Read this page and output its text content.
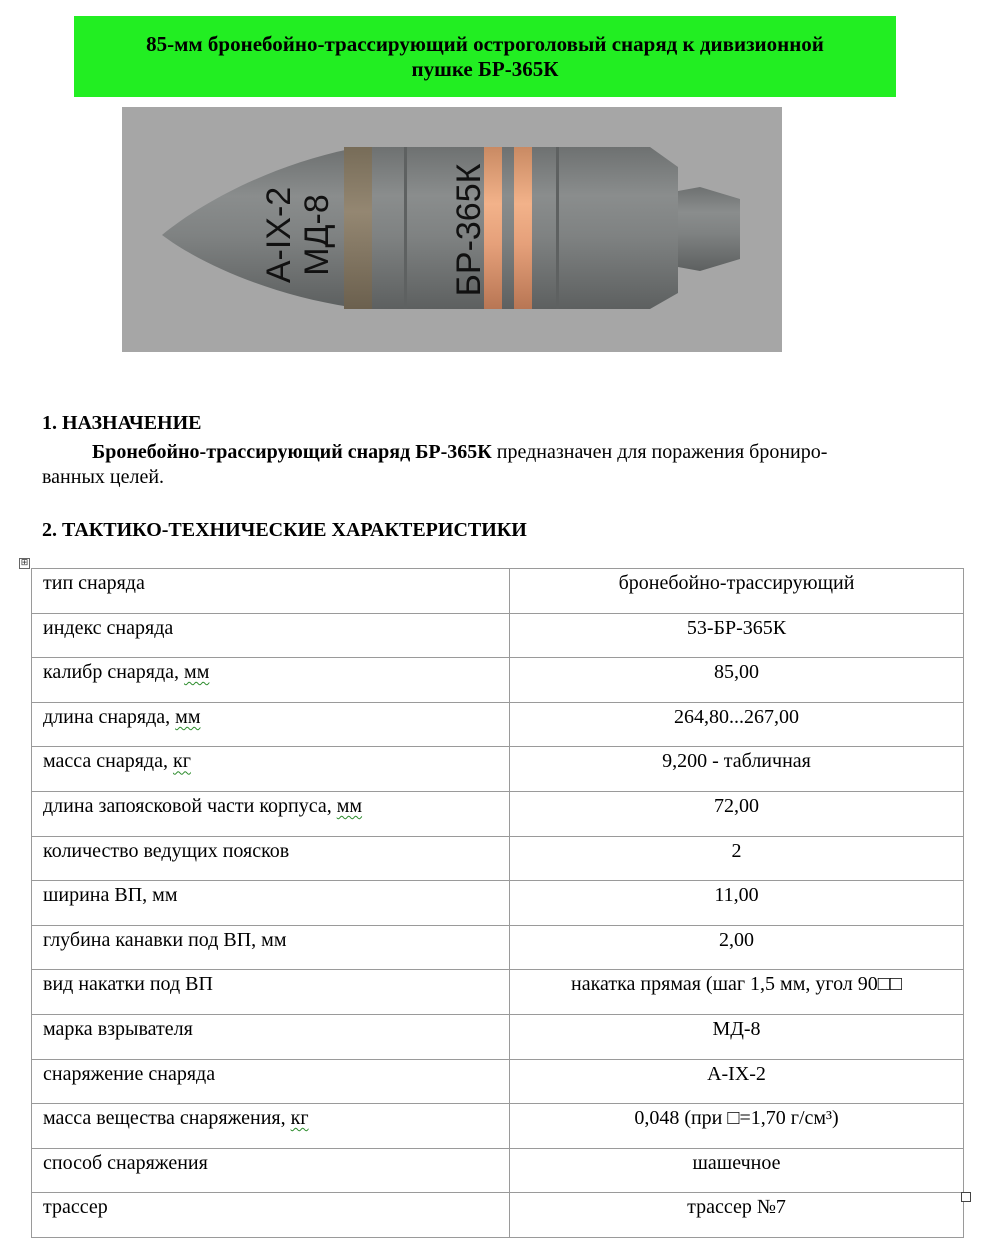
85-мм бронебойно-трассирующий остроголовый снаряд к дивизионной
пушке БР-365К
А-IX-2 МД-8	БР-365К
1. НАЗНАЧЕНИЕ
Бронебойно-трассирующий снаряд БР-365К предназначен для поражения брониро-
ванных целей.
2. ТАКТИКО-ТЕХНИЧЕСКИЕ ХАРАКТЕРИСТИКИ
⊞
тип снаряда	бронебойно-трассирующий
индекс снаряда	53-БР-365К
калибр снаряда, мм	85,00
длина снаряда, мм	264,80...267,00
масса снаряда, кг	9,200 - табличная
длина запоясковой части корпуса, мм	72,00
количество ведущих поясков	2
ширина ВП, мм	11,00
глубина канавки под ВП, мм	2,00
вид накатки под ВП	накатка прямая (шаг 1,5 мм, угол 90□□
марка взрывателя	МД-8
снаряжение снаряда	А-IX-2
масса вещества снаряжения, кг	0,048 (при □=1,70 г/см³)
способ снаряжения	шашечное
трассер	трассер №7
